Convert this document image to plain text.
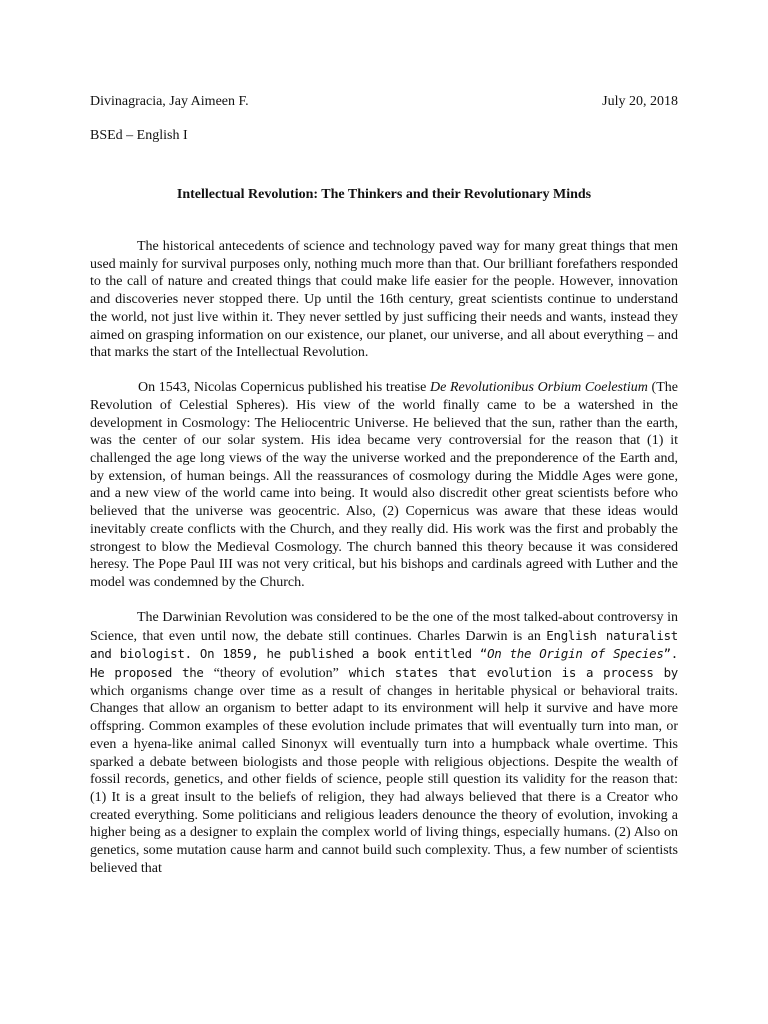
Divinagracia, Jay Aimeen F.	July 20, 2018
BSEd – English I
Intellectual Revolution: The Thinkers and their Revolutionary Minds

The historical antecedents of science and technology paved way for many great things that men used mainly for survival purposes only, nothing much more than that. Our brilliant forefathers responded to the call of nature and created things that could make life easier for the people. However, innovation and discoveries never stopped there. Up until the 16th century, great scientists continue to understand the world, not just live within it. They never settled by just sufficing their needs and wants, instead they aimed on grasping information on our existence, our planet, our universe, and all about everything – and that marks the start of the Intellectual Revolution.

On 1543, Nicolas Copernicus published his treatise De Revolutionibus Orbium Coelestium (The Revolution of Celestial Spheres). His view of the world finally came to be a watershed in the development in Cosmology: The Heliocentric Universe. He believed that the sun, rather than the earth, was the center of our solar system. His idea became very controversial for the reason that (1) it challenged the age long views of the way the universe worked and the preponderence of the Earth and, by extension, of human beings. All the reassurances of cosmology during the Middle Ages were gone, and a new view of the world came into being. It would also discredit other great scientists before who believed that the universe was geocentric. Also, (2) Copernicus was aware that these ideas would inevitably create conflicts with the Church, and they really did. His work was the first and probably the strongest to blow the Medieval Cosmology. The church banned this theory because it was considered heresy. The Pope Paul III was not very critical, but his bishops and cardinals agreed with Luther and the model was condemned by the Church.

The Darwinian Revolution was considered to be the one of the most talked-about controversy in Science, that even until now, the debate still continues. Charles Darwin is an English naturalist and biologist. On 1859, he published a book entitled “On the Origin of Species”. He proposed the “theory of evolution” which states that evolution is a process by which organisms change over time as a result of changes in heritable physical or behavioral traits. Changes that allow an organism to better adapt to its environment will help it survive and have more offspring. Common examples of these evolution include primates that will eventually turn into man, or even a hyena-like animal called Sinonyx will eventually turn into a humpback whale overtime. This sparked a debate between biologists and those people with religious objections. Despite the wealth of fossil records, genetics, and other fields of science, people still question its validity for the reason that: (1) It is a great insult to the beliefs of religion, they had always believed that there is a Creator who created everything. Some politicians and religious leaders denounce the theory of evolution, invoking a higher being as a designer to explain the complex world of living things, especially humans. (2) Also on genetics, some mutation cause harm and cannot build such complexity. Thus, a few number of scientists believed that
